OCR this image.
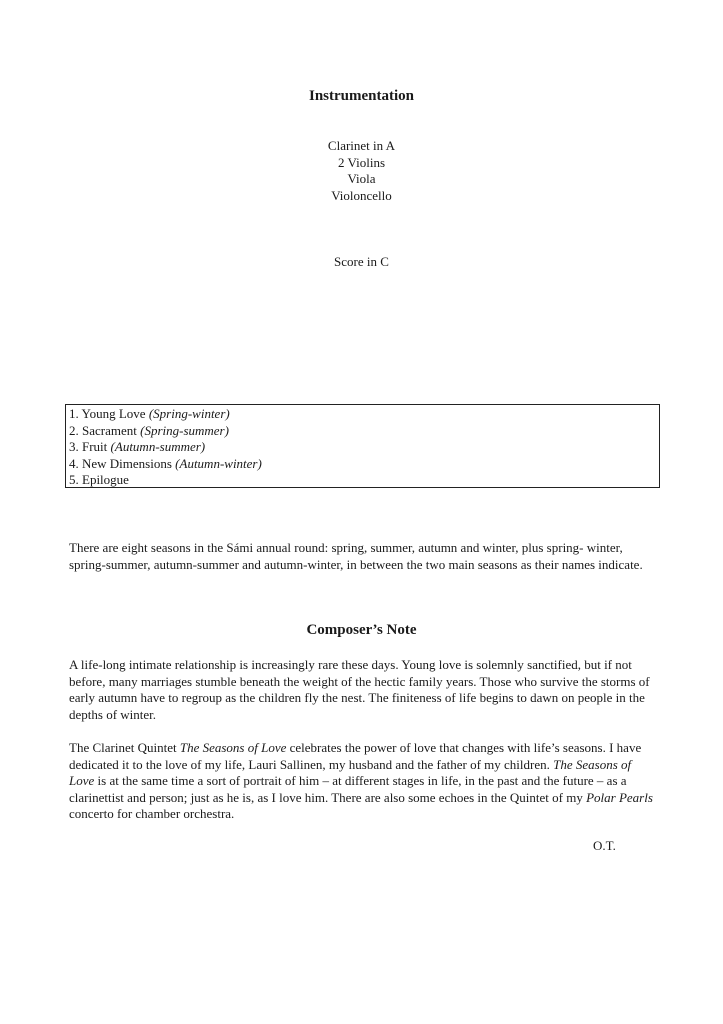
Instrumentation
Clarinet in A
2 Violins
Viola
Violoncello
Score in C
1. Young Love (Spring-winter)
2. Sacrament (Spring-summer)
3. Fruit (Autumn-summer)
4. New Dimensions (Autumn-winter)
5. Epilogue
There are eight seasons in the Sámi annual round: spring, summer, autumn and winter, plus spring- winter, spring-summer, autumn-summer and autumn-winter, in between the two main seasons as their names indicate.
Composer’s Note
A life-long intimate relationship is increasingly rare these days. Young love is solemnly sanctified, but if not before, many marriages stumble beneath the weight of the hectic family years. Those who survive the storms of early autumn have to regroup as the children fly the nest. The finiteness of life begins to dawn on people in the depths of winter.
The Clarinet Quintet The Seasons of Love celebrates the power of love that changes with life’s seasons. I have dedicated it to the love of my life, Lauri Sallinen, my husband and the father of my children. The Seasons of Love is at the same time a sort of portrait of him – at different stages in life, in the past and the future – as a clarinettist and person; just as he is, as I love him. There are also some echoes in the Quintet of my Polar Pearls concerto for chamber orchestra.
O.T.
